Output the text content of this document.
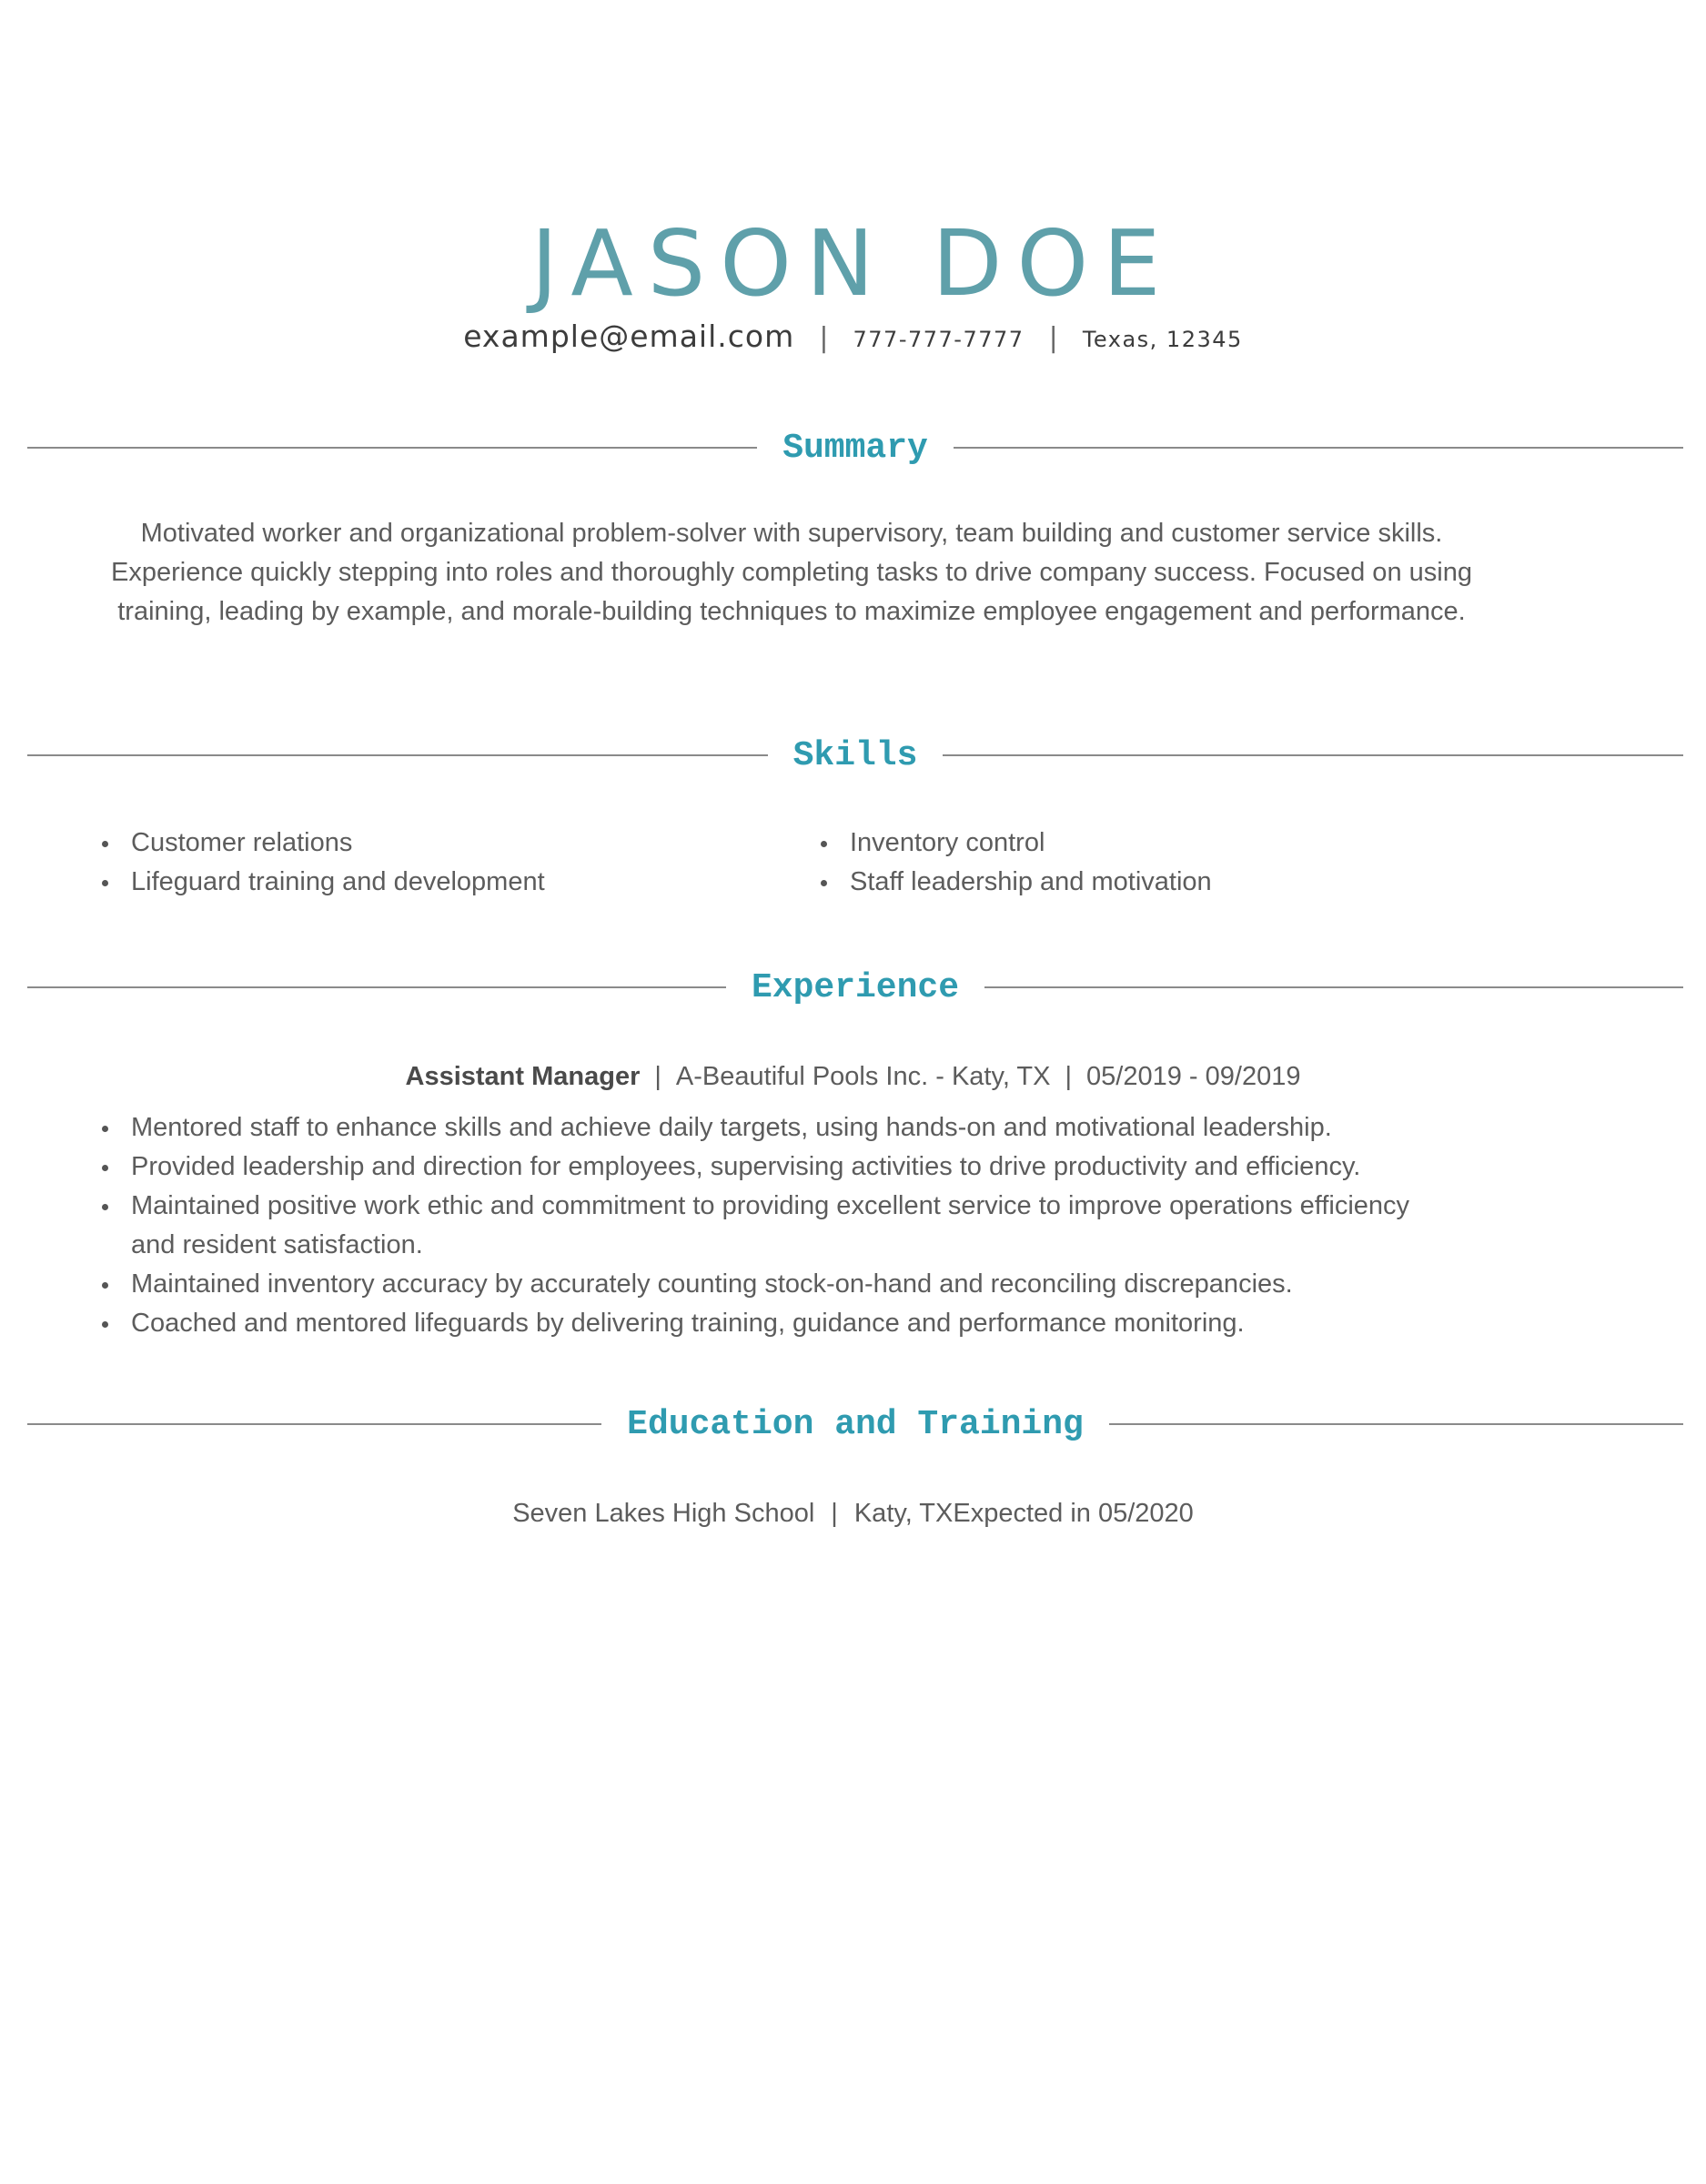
JASON DOE
example@email.com | 777-777-7777 | Texas, 12345
Summary
Motivated worker and organizational problem-solver with supervisory, team building and customer service skills. Experience quickly stepping into roles and thoroughly completing tasks to drive company success. Focused on using training, leading by example, and morale-building techniques to maximize employee engagement and performance.
Skills
Customer relations
Lifeguard training and development
Inventory control
Staff leadership and motivation
Experience
Assistant Manager | A-Beautiful Pools Inc. - Katy, TX | 05/2019 - 09/2019
Mentored staff to enhance skills and achieve daily targets, using hands-on and motivational leadership.
Provided leadership and direction for employees, supervising activities to drive productivity and efficiency.
Maintained positive work ethic and commitment to providing excellent service to improve operations efficiency and resident satisfaction.
Maintained inventory accuracy by accurately counting stock-on-hand and reconciling discrepancies.
Coached and mentored lifeguards by delivering training, guidance and performance monitoring.
Education and Training
Seven Lakes High School | Katy, TXExpected in 05/2020
